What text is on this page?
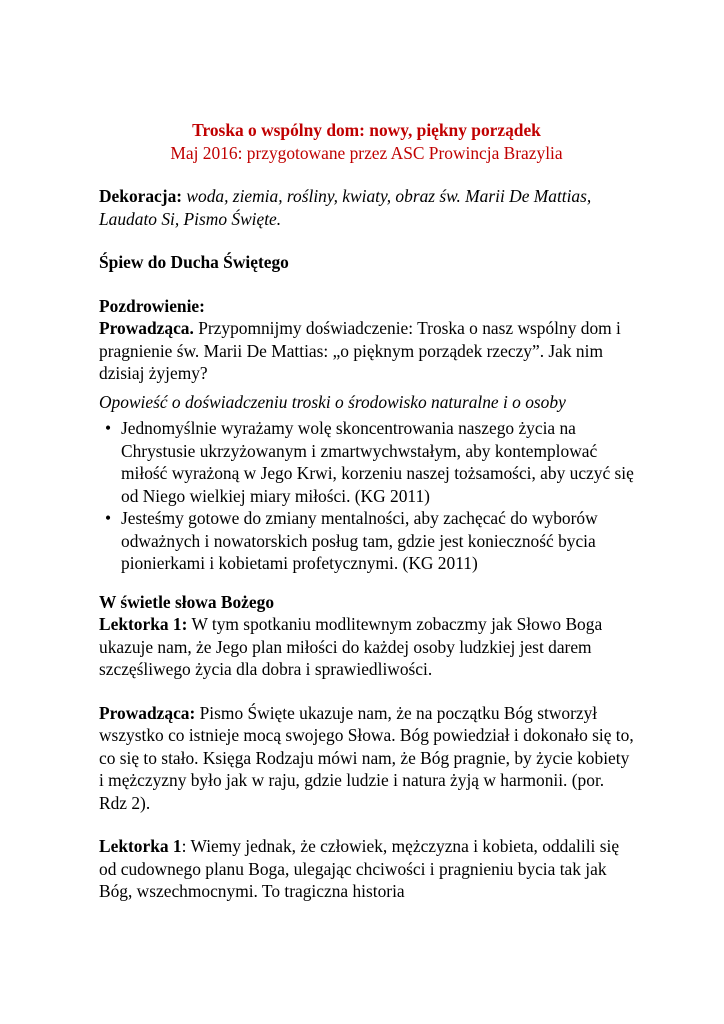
Troska o wspólny dom: nowy, piękny porządek

Maj 2016: przygotowane przez ASC Prowincja Brazylia

Dekoracja: woda, ziemia, rośliny, kwiaty, obraz św. Marii De Mattias, Laudato Si, Pismo Święte.

Śpiew do Ducha Świętego

Pozdrowienie:

Prowadząca. Przypomnijmy doświadczenie: Troska o nasz wspólny dom i pragnienie św. Marii De Mattias: „o pięknym porządek rzeczy”. Jak nim dzisiaj żyjemy?

Opowieść o doświadczeniu troski o środowisko naturalne i o osoby

• Jednomyślnie wyrażamy wolę skoncentrowania naszego życia na Chrystusie ukrzyżowanym i zmartwychwstałym, aby kontemplować miłość wyrażoną w Jego Krwi, korzeniu naszej tożsamości, aby uczyć się od Niego wielkiej miary miłości. (KG 2011)
• Jesteśmy gotowe do zmiany mentalności, aby zachęcać do wyborów odważnych i nowatorskich posług tam, gdzie jest konieczność bycia pionierkami i kobietami profetycznymi. (KG 2011)

W świetle słowa Bożego

Lektorka 1: W tym spotkaniu modlitewnym zobaczmy jak Słowo Boga ukazuje nam, że Jego plan miłości do każdej osoby ludzkiej jest darem szczęśliwego życia dla dobra i sprawiedliwości.

Prowadząca: Pismo Święte ukazuje nam, że na początku Bóg stworzył wszystko co istnieje mocą swojego Słowa. Bóg powiedział i dokonało się to, co się to stało. Księga Rodzaju mówi nam, że Bóg pragnie, by życie kobiety i mężczyzny było jak w raju, gdzie ludzie i natura żyją w harmonii. (por. Rdz 2).

Lektorka 1: Wiemy jednak, że człowiek, mężczyzna i kobieta, oddalili się od cudownego planu Boga, ulegając chciwości i pragnieniu bycia tak jak Bóg, wszechmocnymi. To tragiczna historia
